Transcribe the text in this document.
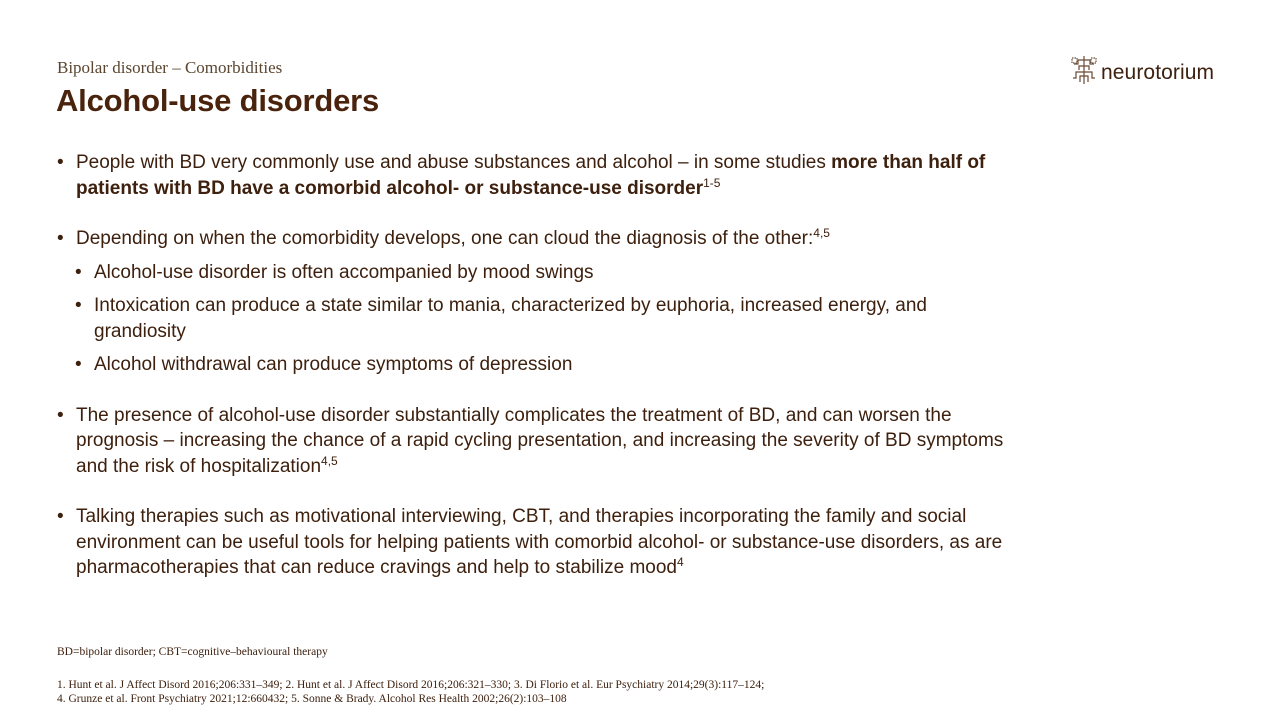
Bipolar disorder – Comorbidities
Alcohol-use disorders
neurotorium
• People with BD very commonly use and abuse substances and alcohol – in some studies more than half of patients with BD have a comorbid alcohol- or substance-use disorder$^{1-5}$
• Depending on when the comorbidity develops, one can cloud the diagnosis of the other:$^{4,5}$
• Alcohol-use disorder is often accompanied by mood swings
• Intoxication can produce a state similar to mania, characterized by euphoria, increased energy, and grandiosity
• Alcohol withdrawal can produce symptoms of depression
• The presence of alcohol-use disorder substantially complicates the treatment of BD, and can worsen the prognosis – increasing the chance of a rapid cycling presentation, and increasing the severity of BD symptoms and the risk of hospitalization$^{4,5}$
• Talking therapies such as motivational interviewing, CBT, and therapies incorporating the family and social environment can be useful tools for helping patients with comorbid alcohol- or substance-use disorders, as are pharmacotherapies that can reduce cravings and help to stabilize mood$^4$
BD=bipolar disorder; CBT=cognitive–behavioural therapy
1. Hunt et al. J Affect Disord 2016;206:331–349; 2. Hunt et al. J Affect Disord 2016;206:321–330; 3. Di Florio et al. Eur Psychiatry 2014;29(3):117–124;
4. Grunze et al. Front Psychiatry 2021;12:660432; 5. Sonne & Brady. Alcohol Res Health 2002;26(2):103–108
